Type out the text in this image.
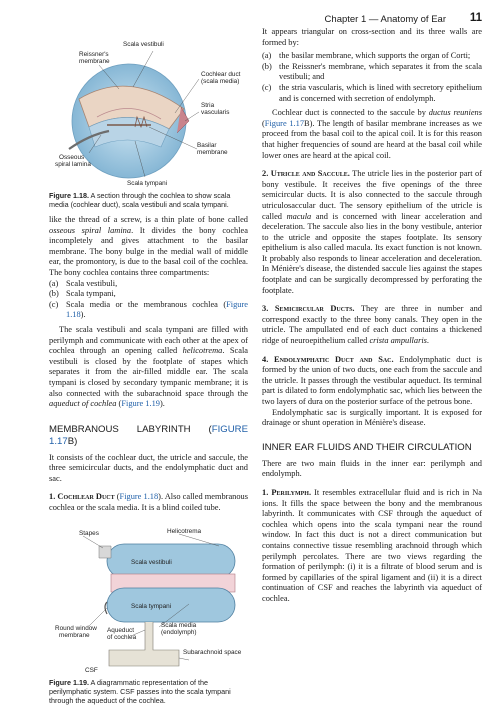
Chapter 1 — Anatomy of Ear 11
Reissner's
membrane
Scala vestibuli
Cochlear duct
(scala media)
Stria
vascularis
Osseous
spiral lamina
Basilar
membrane
Scala tympani

Figure 1.18. A section through the cochlea to show scala media (cochlear duct), scala vestibuli and scala tympani.

like the thread of a screw, is a thin plate of bone called osseous spiral lamina. It divides the bony cochlea incompletely and gives attachment to the basilar membrane. The bony bulge in the medial wall of middle ear, the promontory, is due to the basal coil of the cochlea. The bony cochlea contains three compartments:

(a) Scala vestibuli,
(b) Scala tympani,
(c) Scala media or the membranous cochlea (Figure 1.18).

The scala vestibuli and scala tympani are filled with perilymph and communicate with each other at the apex of cochlea through an opening called helicotrema. Scala vestibuli is closed by the footplate of stapes which separates it from the air-filled middle ear. The scala tympani is closed by secondary tympanic membrane; it is also connected with the subarachnoid space through the aqueduct of cochlea (Figure 1.19).

MEMBRANOUS LABYRINTH (FIGURE 1.17B)

It consists of the cochlear duct, the utricle and saccule, the three semicircular ducts, and the endolymphatic duct and sac.

1. Cochlear Duct (Figure 1.18). Also called membranous cochlea or the scala media. It is a blind coiled tube.

Stapes	Helicotrema
Scala vestibuli
Scala tympani
Scala media
(endolymph)
Round window
membrane
Aqueduct
of cochlea
Subarachnoid space
CSF

Figure 1.19. A diagrammatic representation of the perilymphatic system. CSF passes into the scala tympani through the aqueduct of the cochlea.

It appears triangular on cross-section and its three walls are formed by:

(a) the basilar membrane, which supports the organ of Corti;
(b) the Reissner's membrane, which separates it from the scala vestibuli; and
(c) the stria vascularis, which is lined with secretory epithelium and is concerned with secretion of endolymph.

Cochlear duct is connected to the saccule by ductus reuniens (Figure 1.17B). The length of basilar membrane increases as we proceed from the basal coil to the apical coil. It is for this reason that higher frequencies of sound are heard at the basal coil while lower ones are heard at the apical coil.

2. Utricle and Saccule. The utricle lies in the posterior part of bony vestibule. It receives the five openings of the three semicircular ducts. It is also connected to the saccule through utriculosaccular duct. The sensory epithelium of the utricle is called macula and is concerned with linear acceleration and deceleration. The saccule also lies in the bony vestibule, anterior to the utricle and opposite the stapes footplate. Its sensory epithelium is also called macula. Its exact function is not known. It probably also responds to linear acceleration and deceleration. In Ménière's disease, the distended saccule lies against the stapes footplate and can be surgically decompressed by perforating the footplate.

3. Semicircular Ducts. They are three in number and correspond exactly to the three bony canals. They open in the utricle. The ampullated end of each duct contains a thickened ridge of neuroepithelium called crista ampullaris.

4. Endolymphatic Duct and Sac. Endolymphatic duct is formed by the union of two ducts, one each from the saccule and the utricle. It passes through the vestibular aqueduct. Its terminal part is dilated to form endolymphatic sac, which lies between the two layers of dura on the posterior surface of the petrous bone.

Endolymphatic sac is surgically important. It is exposed for drainage or shunt operation in Ménière's disease.

INNER EAR FLUIDS AND THEIR CIRCULATION

There are two main fluids in the inner ear: perilymph and endolymph.

1. Perilymph. It resembles extracellular fluid and is rich in Na ions. It fills the space between the bony and the membranous labyrinth. It communicates with CSF through the aqueduct of cochlea which opens into the scala tympani near the round window. In fact this duct is not a direct communication but contains connective tissue resembling arachnoid through which perilymph percolates. There are two views regarding the formation of perilymph: (i) it is a filtrate of blood serum and is formed by capillaries of the spiral ligament and (ii) it is a direct continuation of CSF and reaches the labyrinth via aqueduct of cochlea.
